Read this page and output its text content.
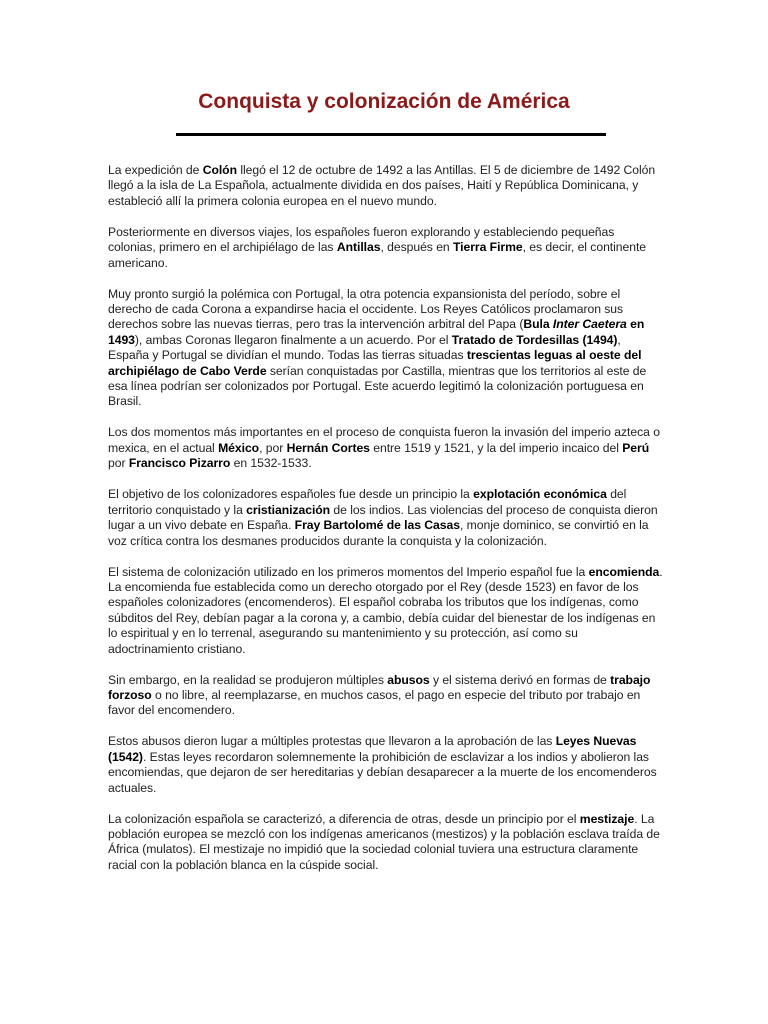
Conquista y colonización de América

La expedición de Colón llegó el 12 de octubre de 1492 a las Antillas. El 5 de diciembre de 1492 Colón llegó a la isla de La Española, actualmente dividida en dos países, Haití y República Dominicana, y estableció allí la primera colonia europea en el nuevo mundo.

Posteriormente en diversos viajes, los españoles fueron explorando y estableciendo pequeñas colonias, primero en el archipiélago de las Antillas, después en Tierra Firme, es decir, el continente americano.

Muy pronto surgió la polémica con Portugal, la otra potencia expansionista del período, sobre el derecho de cada Corona a expandirse hacia el occidente. Los Reyes Católicos proclamaron sus derechos sobre las nuevas tierras, pero tras la intervención arbitral del Papa (Bula Inter Caetera en 1493), ambas Coronas llegaron finalmente a un acuerdo. Por el Tratado de Tordesillas (1494), España y Portugal se dividían el mundo. Todas las tierras situadas trescientas leguas al oeste del archipiélago de Cabo Verde serían conquistadas por Castilla, mientras que los territorios al este de esa línea podrían ser colonizados por Portugal. Este acuerdo legitimó la colonización portuguesa en Brasil.

Los dos momentos más importantes en el proceso de conquista fueron la invasión del imperio azteca o mexica, en el actual México, por Hernán Cortes entre 1519 y 1521, y la del imperio incaico del Perú por Francisco Pizarro en 1532-1533.

El objetivo de los colonizadores españoles fue desde un principio la explotación económica del territorio conquistado y la cristianización de los indios. Las violencias del proceso de conquista dieron lugar a un vivo debate en España. Fray Bartolomé de las Casas, monje dominico, se convirtió en la voz crítica contra los desmanes producidos durante la conquista y la colonización.

El sistema de colonización utilizado en los primeros momentos del Imperio español fue la encomienda. La encomienda fue establecida como un derecho otorgado por el Rey (desde 1523) en favor de los españoles colonizadores (encomenderos). El español cobraba los tributos que los indígenas, como súbditos del Rey, debían pagar a la corona y, a cambio, debía cuidar del bienestar de los indígenas en lo espiritual y en lo terrenal, asegurando su mantenimiento y su protección, así como su adoctrinamiento cristiano.

Sin embargo, en la realidad se produjeron múltiples abusos y el sistema derivó en formas de trabajo forzoso o no libre, al reemplazarse, en muchos casos, el pago en especie del tributo por trabajo en favor del encomendero.

Estos abusos dieron lugar a múltiples protestas que llevaron a la aprobación de las Leyes Nuevas (1542). Estas leyes recordaron solemnemente la prohibición de esclavizar a los indios y abolieron las encomiendas, que dejaron de ser hereditarias y debían desaparecer a la muerte de los encomenderos actuales.

La colonización española se caracterizó, a diferencia de otras, desde un principio por el mestizaje. La población europea se mezcló con los indígenas americanos (mestizos) y la población esclava traída de África (mulatos). El mestizaje no impidió que la sociedad colonial tuviera una estructura claramente racial con la población blanca en la cúspide social.
